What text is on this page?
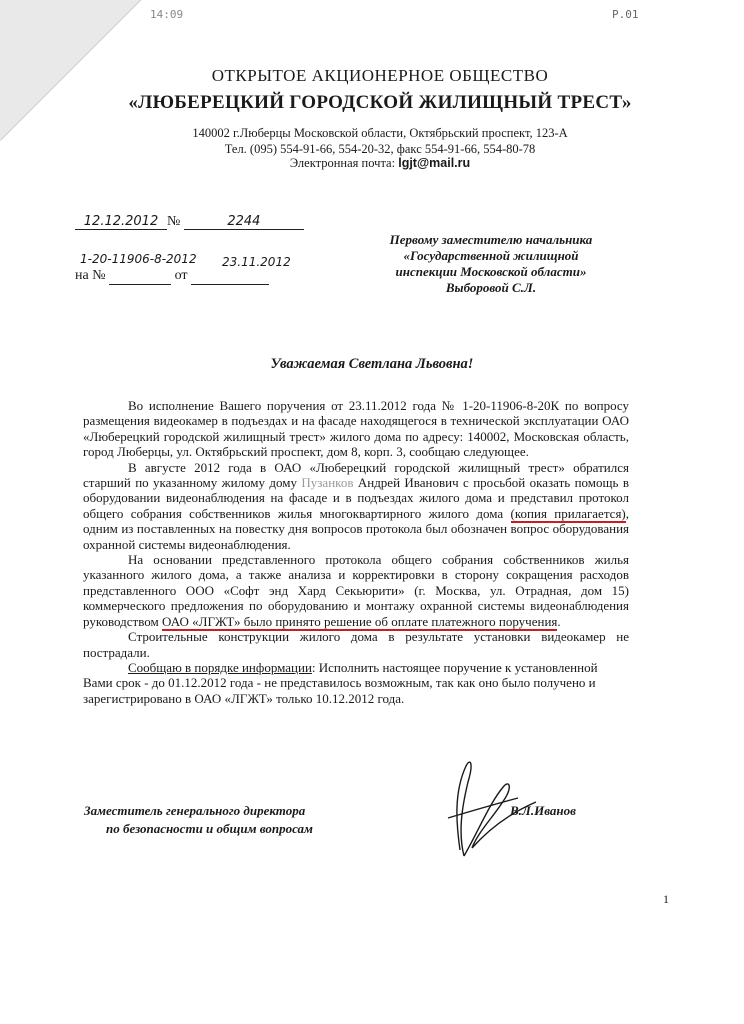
14:09	P.01
ОТКРЫТОЕ АКЦИОНЕРНОЕ ОБЩЕСТВО
«ЛЮБЕРЕЦКИЙ ГОРОДСКОЙ ЖИЛИЩНЫЙ ТРЕСТ»
140002 г.Люберцы Московской области, Октябрьский проспект, 123-А
Тел. (095) 554-91-66, 554-20-32, факс 554-91-66, 554-80-78
Электронная почта: lgjt@mail.ru
12.12.2012 №	2244
1-20-11906-8-2012 23.11.2012
на №	от
Первому заместителю начальника
«Государственной жилищной
инспекции Московской области»
Выборовой С.Л.
Уважаемая Светлана Львовна!

Во исполнение Вашего поручения от 23.11.2012 года № 1-20-11906-8-20К по вопросу размещения видеокамер в подъездах и на фасаде находящегося в технической эксплуатации ОАО «Люберецкий городской жилищный трест» жилого дома по адресу: 140002, Московская область, город Люберцы, ул. Октябрьский проспект, дом 8, корп. 3, сообщаю следующее.

В августе 2012 года в ОАО «Люберецкий городской жилищный трест» обратился старший по указанному жилому дому Пузанков Андрей Иванович с просьбой оказать помощь в оборудовании видеонаблюдения на фасаде и в подъездах жилого дома и представил протокол общего собрания собственников жилья многоквартирного жилого дома (копия прилагается), одним из поставленных на повестку дня вопросов протокола был обозначен вопрос оборудования охранной системы видеонаблюдения.

На основании представленного протокола общего собрания собственников жилья указанного жилого дома, а также анализа и корректировки в сторону сокращения расходов представленного ООО «Софт энд Хард Секьюрити» (г. Москва, ул. Отрадная, дом 15) коммерческого предложения по оборудованию и монтажу охранной системы видеонаблюдения руководством ОАО «ЛГЖТ» было принято решение об оплате платежного поручения.

Строительные конструкции жилого дома в результате установки видеокамер не пострадали.

Сообщаю в порядке информации: Исполнить настоящее поручение к установленной Вами срок - до 01.12.2012 года - не представилось возможным, так как оно было получено и зарегистрировано в ОАО «ЛГЖТ» только 10.12.2012 года.

Заместитель генерального директора
по безопасности и общим вопросам
В.Л.Иванов
1
